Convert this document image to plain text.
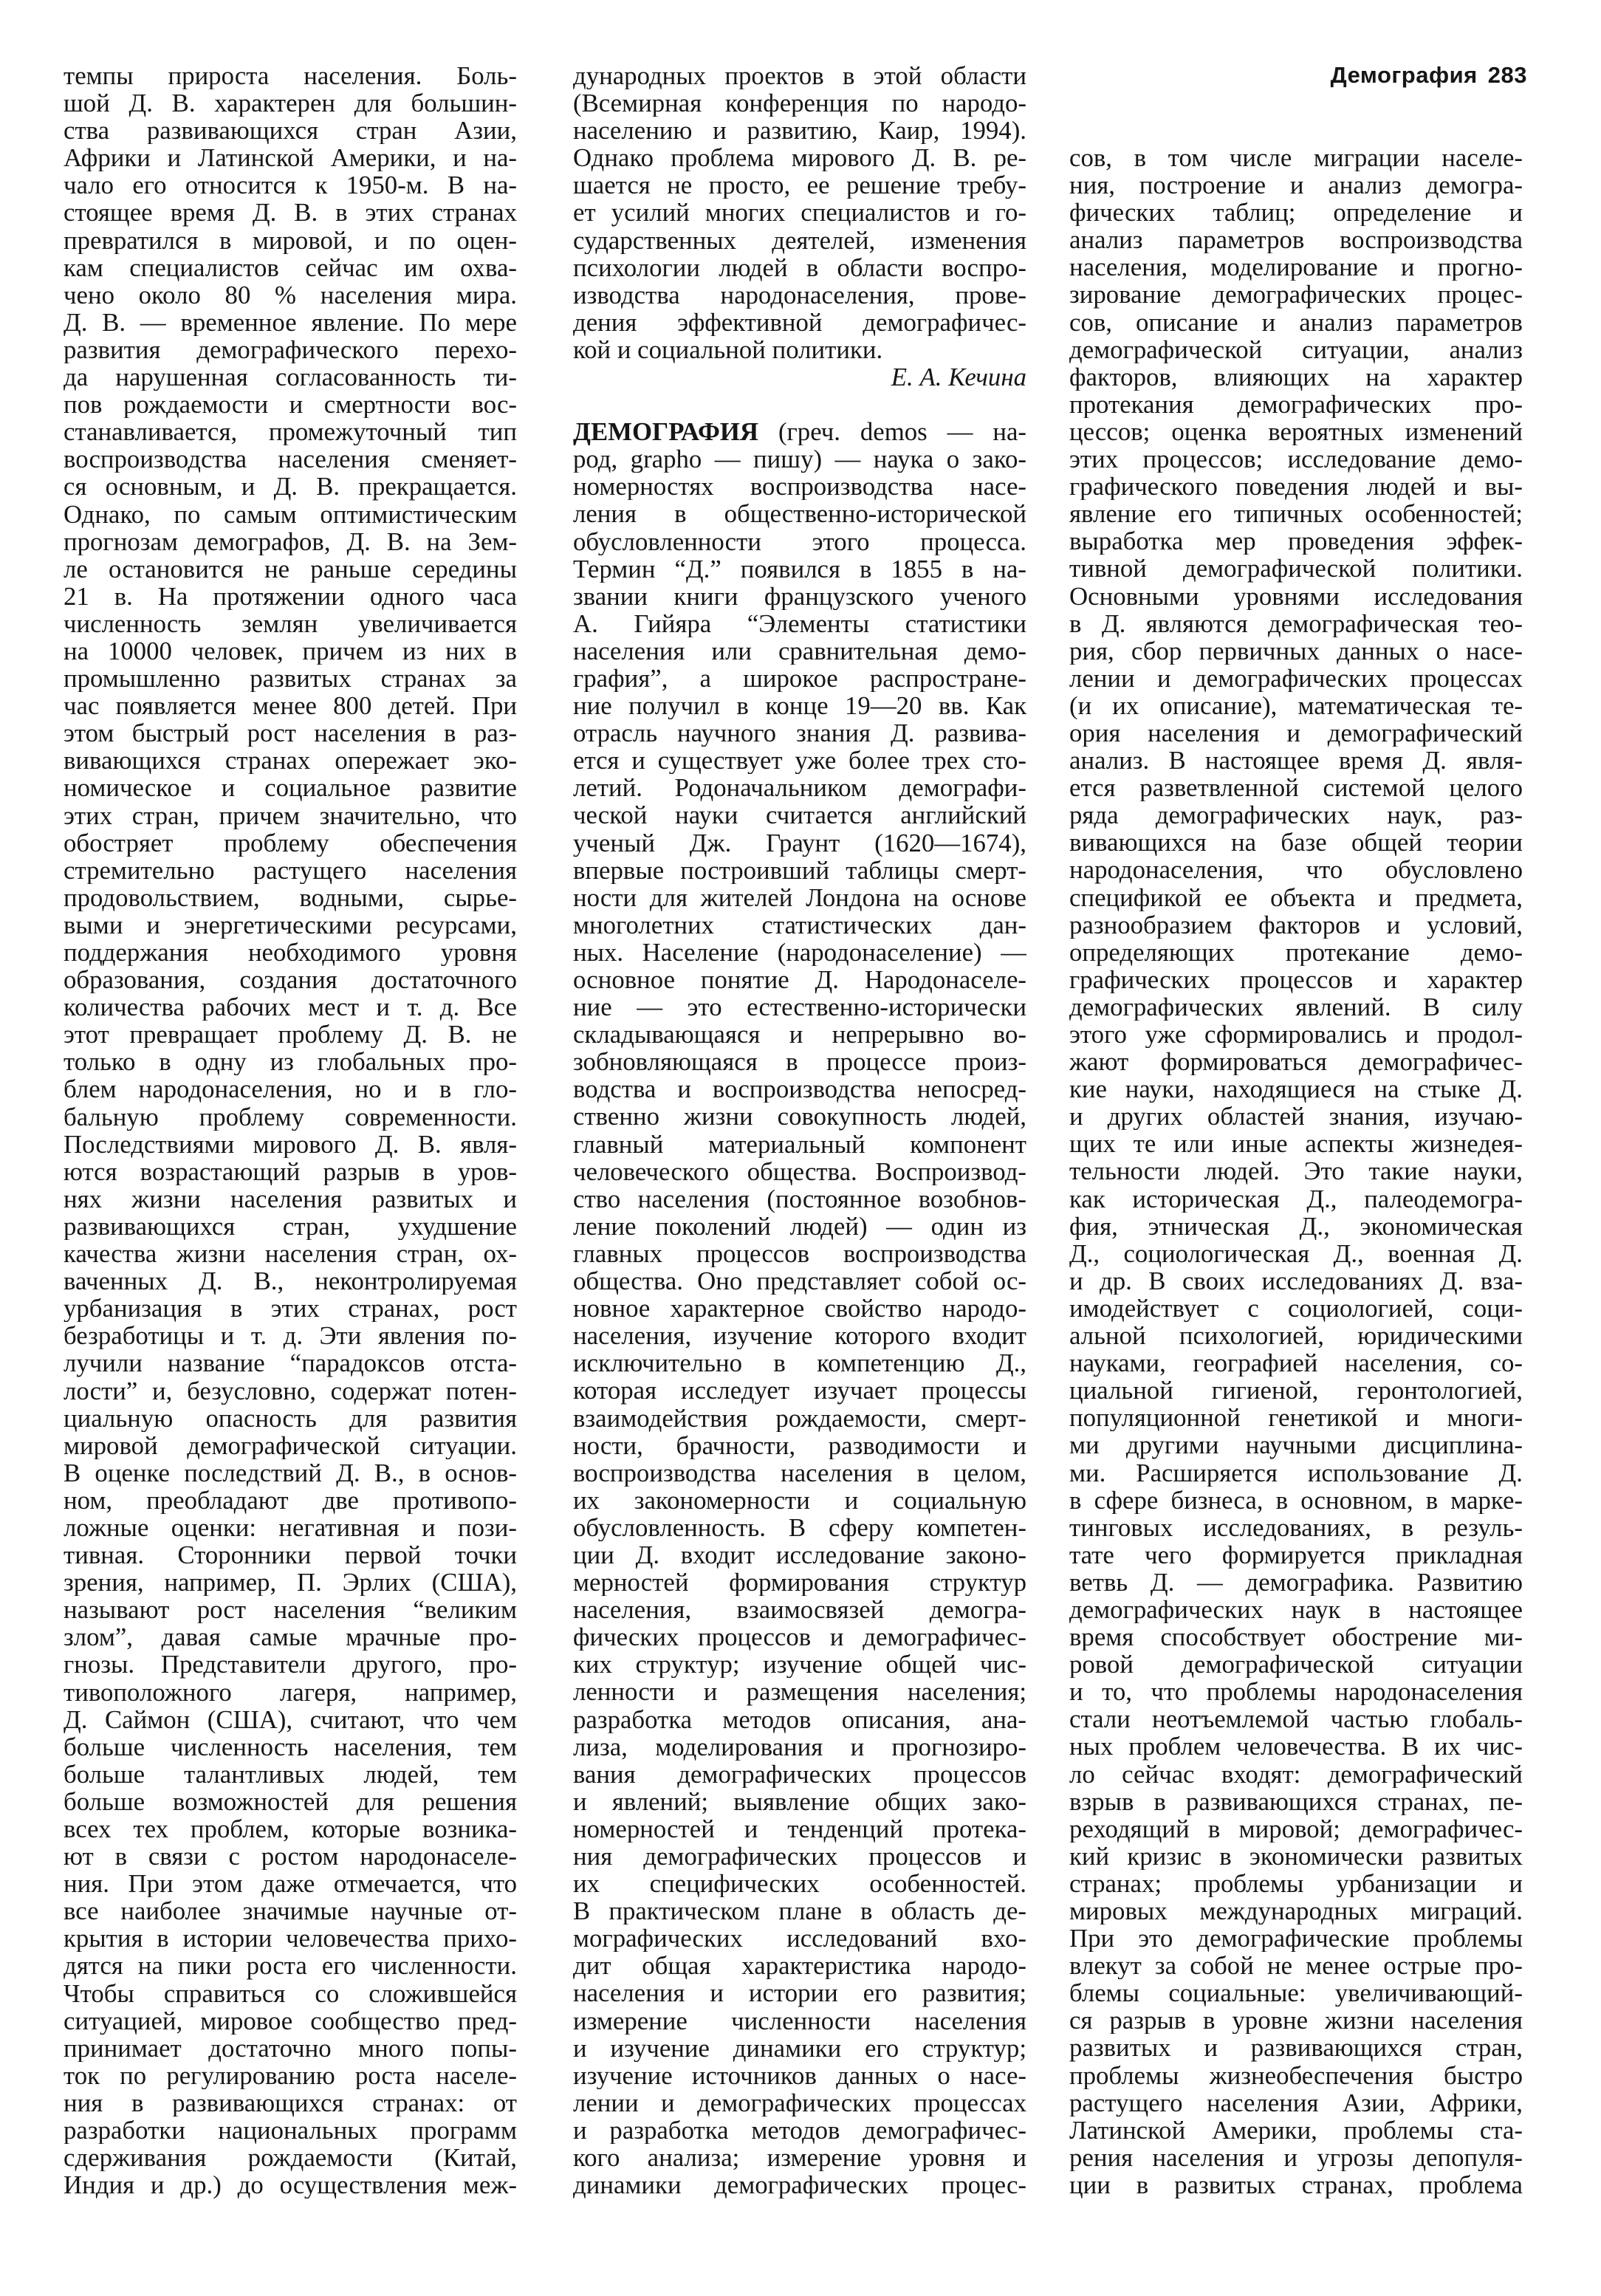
Демография 283
темпы прироста населения. Боль-
шой Д. В. характерен для большин-
ства развивающихся стран Азии,
Африки и Латинской Америки, и на-
чало его относится к 1950-м. В на-
стоящее время Д. В. в этих странах
превратился в мировой, и по оцен-
кам специалистов сейчас им охва-
чено около 80 % населения мира.
Д. В. — временное явление. По мере
развития демографического перехо-
да нарушенная согласованность ти-
пов рождаемости и смертности вос-
станавливается, промежуточный тип
воспроизводства населения сменяет-
ся основным, и Д. В. прекращается.
Однако, по самым оптимистическим
прогнозам демографов, Д. В. на Зем-
ле остановится не раньше середины
21 в. На протяжении одного часа
численность землян увеличивается
на 10000 человек, причем из них в
промышленно развитых странах за
час появляется менее 800 детей. При
этом быстрый рост населения в раз-
вивающихся странах опережает эко-
номическое и социальное развитие
этих стран, причем значительно, что
обостряет проблему обеспечения
стремительно растущего населения
продовольствием, водными, сырье-
выми и энергетическими ресурсами,
поддержания необходимого уровня
образования, создания достаточного
количества рабочих мест и т. д. Все
этот превращает проблему Д. В. не
только в одну из глобальных про-
блем народонаселения, но и в гло-
бальную проблему современности.
Последствиями мирового Д. В. явля-
ются возрастающий разрыв в уров-
нях жизни населения развитых и
развивающихся стран, ухудшение
качества жизни населения стран, ох-
ваченных Д. В., неконтролируемая
урбанизация в этих странах, рост
безработицы и т. д. Эти явления по-
лучили название “парадоксов отста-
лости” и, безусловно, содержат потен-
циальную опасность для развития
мировой демографической ситуации.
В оценке последствий Д. В., в основ-
ном, преобладают две противопо-
ложные оценки: негативная и пози-
тивная. Сторонники первой точки
зрения, например, П. Эрлих (США),
называют рост населения “великим
злом”, давая самые мрачные про-
гнозы. Представители другого, про-
тивоположного лагеря, например,
Д. Саймон (США), считают, что чем
больше численность населения, тем
больше талантливых людей, тем
больше возможностей для решения
всех тех проблем, которые возника-
ют в связи с ростом народонаселе-
ния. При этом даже отмечается, что
все наиболее значимые научные от-
крытия в истории человечества прихо-
дятся на пики роста его численности.
Чтобы справиться со сложившейся
ситуацией, мировое сообщество пред-
принимает достаточно много попы-
ток по регулированию роста населе-
ния в развивающихся странах: от
разработки национальных программ
сдерживания рождаемости (Китай,
Индия и др.) до осуществления меж-
дународных проектов в этой области
(Всемирная конференция по народо-
населению и развитию, Каир, 1994).
Однако проблема мирового Д. В. ре-
шается не просто, ее решение требу-
ет усилий многих специалистов и го-
сударственных деятелей, изменения
психологии людей в области воспро-
изводства народонаселения, прове-
дения эффективной демографичес-
кой и социальной политики.
Е. А. Кечина
ДЕМОГРАФИЯ (греч. demos — на-
род, grapho — пишу) — наука о зако-
номерностях воспроизводства насе-
ления в общественно-исторической
обусловленности этого процесса.
Термин “Д.” появился в 1855 в на-
звании книги французского ученого
А. Гийяра “Элементы статистики
населения или сравнительная демо-
графия”, а широкое распростране-
ние получил в конце 19—20 вв. Как
отрасль научного знания Д. развива-
ется и существует уже более трех сто-
летий. Родоначальником демографи-
ческой науки считается английский
ученый Дж. Граунт (1620—1674),
впервые построивший таблицы смерт-
ности для жителей Лондона на основе
многолетних статистических дан-
ных. Население (народонаселение) —
основное понятие Д. Народонаселе-
ние — это естественно-исторически
складывающаяся и непрерывно во-
зобновляющаяся в процессе произ-
водства и воспроизводства непосред-
ственно жизни совокупность людей,
главный материальный компонент
человеческого общества. Воспроизвод-
ство населения (постоянное возобнов-
ление поколений людей) — один из
главных процессов воспроизводства
общества. Оно представляет собой ос-
новное характерное свойство народо-
населения, изучение которого входит
исключительно в компетенцию Д.,
которая исследует изучает процессы
взаимодействия рождаемости, смерт-
ности, брачности, разводимости и
воспроизводства населения в целом,
их закономерности и социальную
обусловленность. В сферу компетен-
ции Д. входит исследование законо-
мерностей формирования структур
населения, взаимосвязей демогра-
фических процессов и демографичес-
ких структур; изучение общей чис-
ленности и размещения населения;
разработка методов описания, ана-
лиза, моделирования и прогнозиро-
вания демографических процессов
и явлений; выявление общих зако-
номерностей и тенденций протека-
ния демографических процессов и
их специфических особенностей.
В практическом плане в область де-
мографических исследований вхо-
дит общая характеристика народо-
населения и истории его развития;
измерение численности населения
и изучение динамики его структур;
изучение источников данных о насе-
лении и демографических процессах
и разработка методов демографичес-
кого анализа; измерение уровня и
динамики демографических процес-
сов, в том числе миграции населе-
ния, построение и анализ демогра-
фических таблиц; определение и
анализ параметров воспроизводства
населения, моделирование и прогно-
зирование демографических процес-
сов, описание и анализ параметров
демографической ситуации, анализ
факторов, влияющих на характер
протекания демографических про-
цессов; оценка вероятных изменений
этих процессов; исследование демо-
графического поведения людей и вы-
явление его типичных особенностей;
выработка мер проведения эффек-
тивной демографической политики.
Основными уровнями исследования
в Д. являются демографическая тео-
рия, сбор первичных данных о насе-
лении и демографических процессах
(и их описание), математическая те-
ория населения и демографический
анализ. В настоящее время Д. явля-
ется разветвленной системой целого
ряда демографических наук, раз-
вивающихся на базе общей теории
народонаселения, что обусловлено
спецификой ее объекта и предмета,
разнообразием факторов и условий,
определяющих протекание демо-
графических процессов и характер
демографических явлений. В силу
этого уже сформировались и продол-
жают формироваться демографичес-
кие науки, находящиеся на стыке Д.
и других областей знания, изучаю-
щих те или иные аспекты жизнедея-
тельности людей. Это такие науки,
как историческая Д., палеодемогра-
фия, этническая Д., экономическая
Д., социологическая Д., военная Д.
и др. В своих исследованиях Д. вза-
имодействует с социологией, соци-
альной психологией, юридическими
науками, географией населения, со-
циальной гигиеной, геронтологией,
популяционной генетикой и многи-
ми другими научными дисциплина-
ми. Расширяется использование Д.
в сфере бизнеса, в основном, в марке-
тинговых исследованиях, в резуль-
тате чего формируется прикладная
ветвь Д. — демографика. Развитию
демографических наук в настоящее
время способствует обострение ми-
ровой демографической ситуации
и то, что проблемы народонаселения
стали неотъемлемой частью глобаль-
ных проблем человечества. В их чис-
ло сейчас входят: демографический
взрыв в развивающихся странах, пе-
реходящий в мировой; демографичес-
кий кризис в экономически развитых
странах; проблемы урбанизации и
мировых международных миграций.
При это демографические проблемы
влекут за собой не менее острые про-
блемы социальные: увеличивающий-
ся разрыв в уровне жизни населения
развитых и развивающихся стран,
проблемы жизнеобеспечения быстро
растущего населения Азии, Африки,
Латинской Америки, проблемы ста-
рения населения и угрозы депопуля-
ции в развитых странах, проблема
